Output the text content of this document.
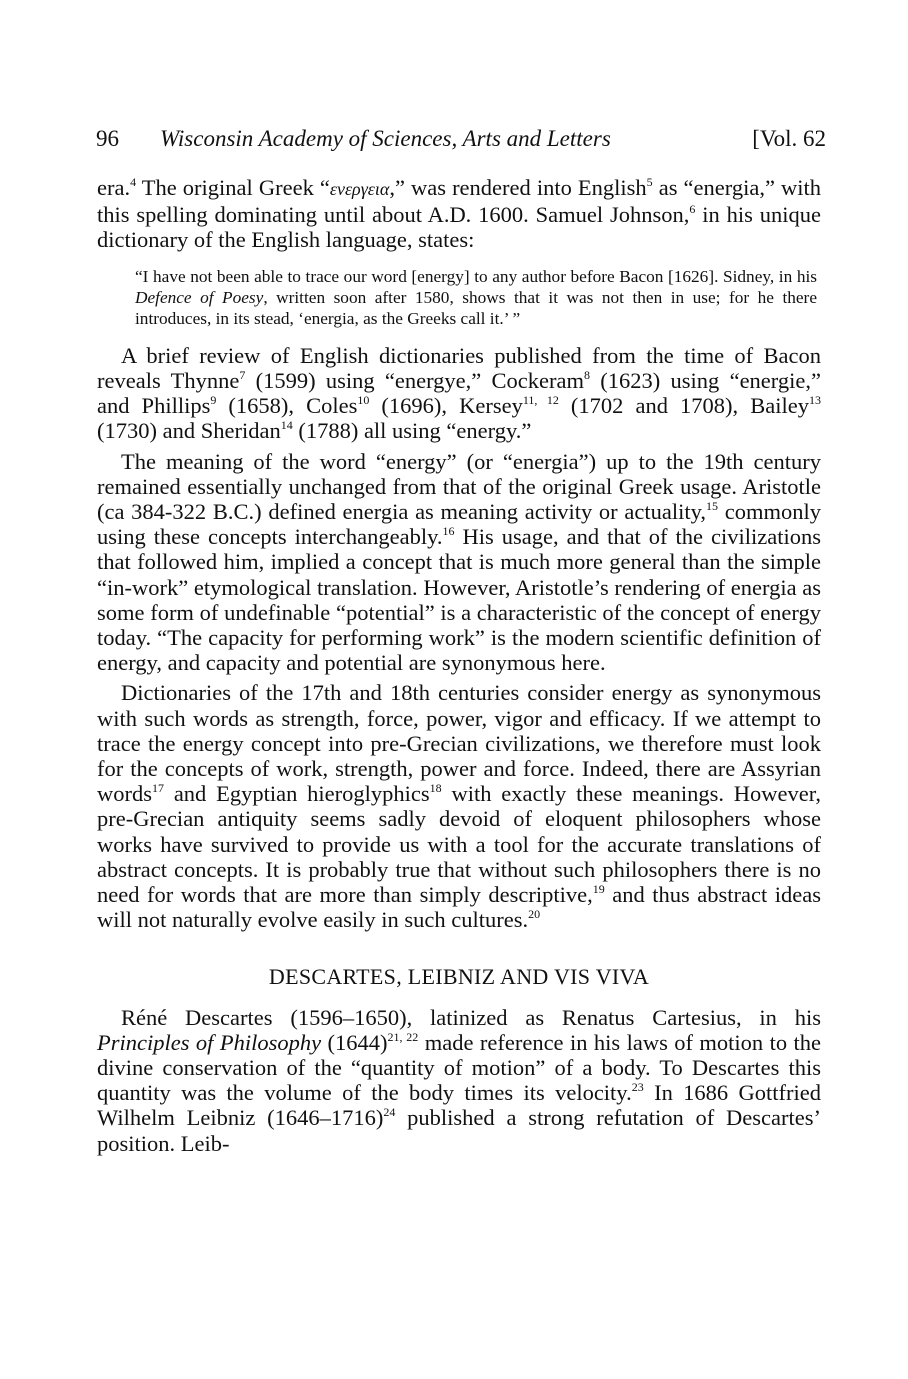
96 Wisconsin Academy of Sciences, Arts and Letters	[Vol. 62

era.$^4$ The original Greek “ενεργεια,” was rendered into English$^5$ as “energia,” with this spelling dominating until about A.D. 1600. Samuel Johnson,$^6$ in his unique dictionary of the English language, states:

“I have not been able to trace our word [energy] to any author before Bacon [1626]. Sidney, in his Defence of Poesy, written soon after 1580, shows that it was not then in use; for he there introduces, in its stead, ‘energia, as the Greeks call it.’ ”

A brief review of English dictionaries published from the time of Bacon reveals Thynne$^7$ (1599) using “energye,” Cockeram$^8$ (1623) using “energie,” and Phillips$^9$ (1658), Coles$^{10}$ (1696), Kersey$^{11, 12}$ (1702 and 1708), Bailey$^{13}$ (1730) and Sheridan$^{14}$ (1788) all using “energy.”

The meaning of the word “energy” (or “energia”) up to the 19th century remained essentially unchanged from that of the original Greek usage. Aristotle (ca 384-322 B.C.) defined energia as meaning activity or actuality,$^{15}$ commonly using these concepts interchangeably.$^{16}$ His usage, and that of the civilizations that followed him, implied a concept that is much more general than the simple “in-work” etymological translation. However, Aristotle’s rendering of energia as some form of undefinable “potential” is a characteristic of the concept of energy today. “The capacity for performing work” is the modern scientific definition of energy, and capacity and potential are synonymous here.

Dictionaries of the 17th and 18th centuries consider energy as synonymous with such words as strength, force, power, vigor and efficacy. If we attempt to trace the energy concept into pre-Grecian civilizations, we therefore must look for the concepts of work, strength, power and force. Indeed, there are Assyrian words$^{17}$ and Egyptian hieroglyphics$^{18}$ with exactly these meanings. However, pre-Grecian antiquity seems sadly devoid of eloquent philosophers whose works have survived to provide us with a tool for the accurate translations of abstract concepts. It is probably true that without such philosophers there is no need for words that are more than simply descriptive,$^{19}$ and thus abstract ideas will not naturally evolve easily in such cultures.$^{20}$

DESCARTES, LEIBNIZ AND VIS VIVA

Réné Descartes (1596–1650), latinized as Renatus Cartesius, in his Principles of Philosophy $(1644)^{21, 22}$ made reference in his laws of motion to the divine conservation of the “quantity of motion” of a body. To Descartes this quantity was the volume of the body times its velocity.$^{23}$ In 1686 Gottfried Wilhelm Leibniz (1646–1716)$^{24}$ published a strong refutation of Descartes’ position. Leib-
